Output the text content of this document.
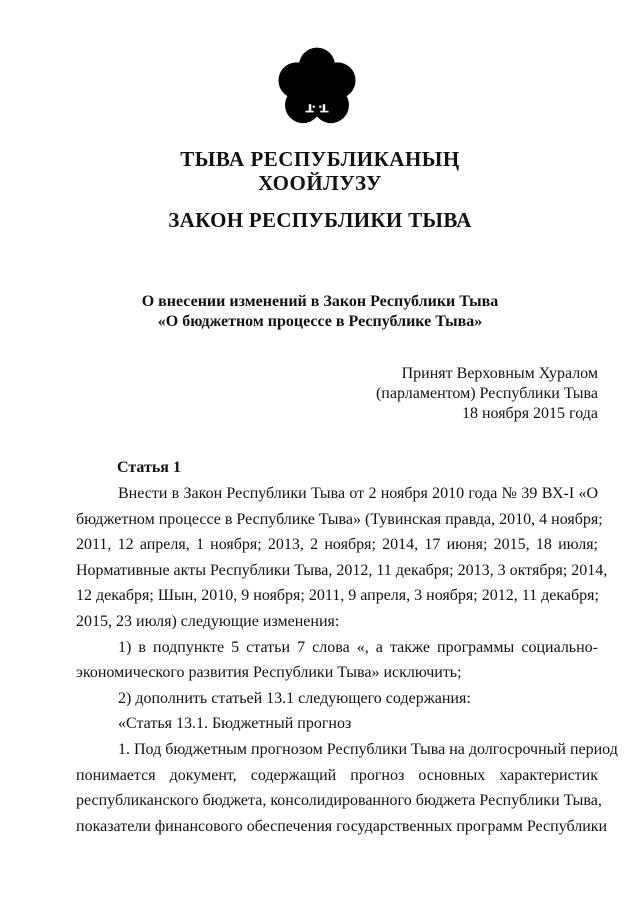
ТЫВА РЕСПУБЛИКАНЫҢ
ХООЙЛУЗУ
ЗАКОН РЕСПУБЛИКИ ТЫВА
О внесении изменений в Закон Республики Тыва
«О бюджетном процессе в Республике Тыва»
Принят Верховным Хуралом
(парламентом) Республики Тыва
18 ноября 2015 года
Статья 1
Внести в Закон Республики Тыва от 2 ноября 2010 года № 39 ВХ-I «О
бюджетном процессе в Республике Тыва» (Тувинская правда, 2010, 4 ноября;
2011, 12 апреля, 1 ноября; 2013, 2 ноября; 2014, 17 июня; 2015, 18 июля;
Нормативные акты Республики Тыва, 2012, 11 декабря; 2013, 3 октября; 2014,
12 декабря; Шын, 2010, 9 ноября; 2011, 9 апреля, 3 ноября; 2012, 11 декабря;
2015, 23 июля) следующие изменения:
1) в подпункте 5 статьи 7 слова «, а также программы социально-
экономического развития Республики Тыва» исключить;
2) дополнить статьей 13.1 следующего содержания:
«Статья 13.1. Бюджетный прогноз
1. Под бюджетным прогнозом Республики Тыва на долгосрочный период
понимается документ, содержащий прогноз основных характеристик
республиканского бюджета, консолидированного бюджета Республики Тыва,
показатели финансового обеспечения государственных программ Республики
